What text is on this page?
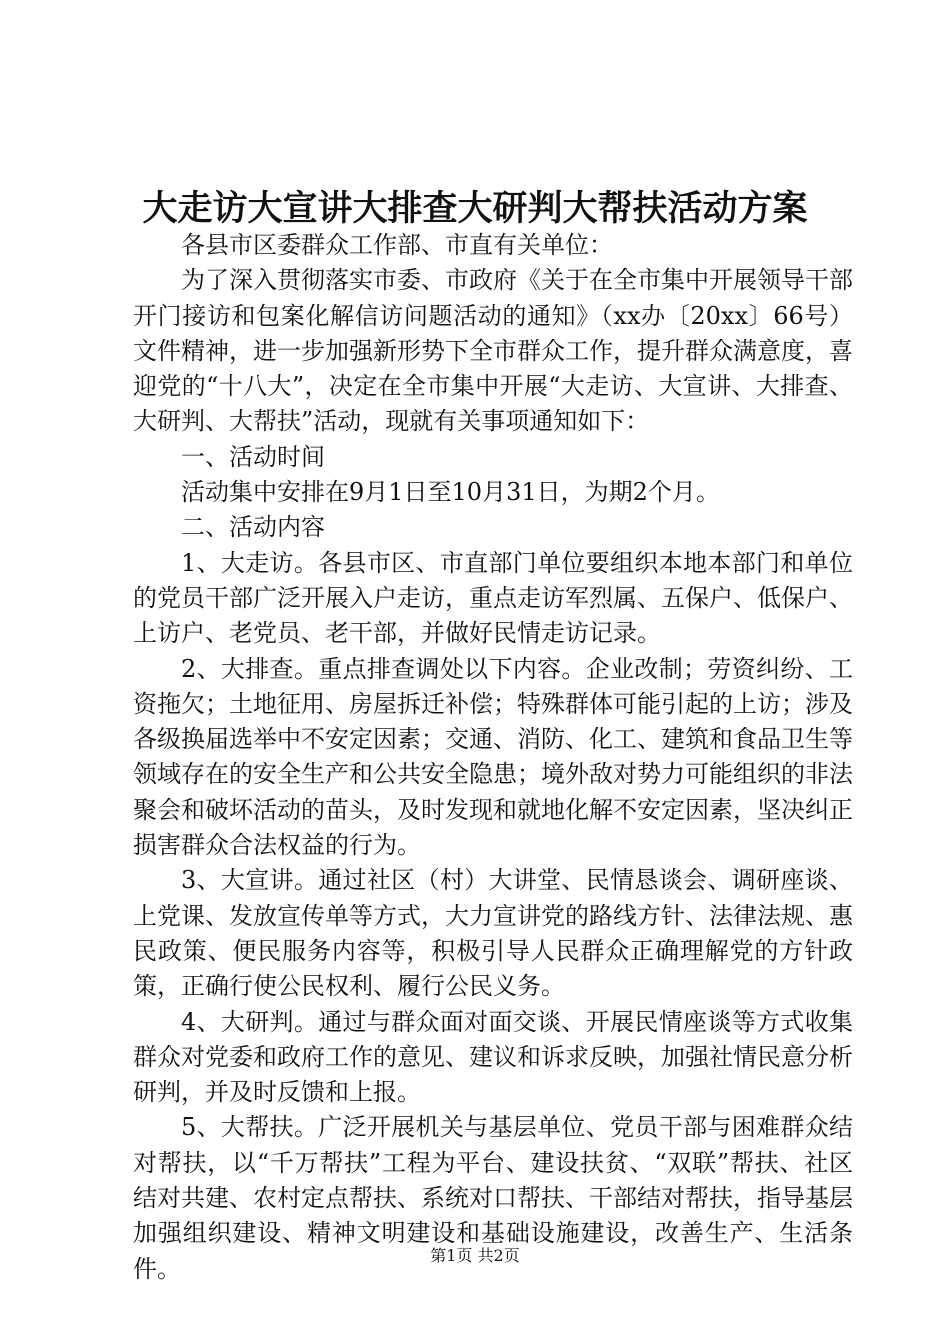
大走访大宣讲大排查大研判大帮扶活动方案

各县市区委群众工作部、市直有关单位：

为了深入贯彻落实市委、市政府《关于在全市集中开展领导干部开门接访和包案化解信访问题活动的通知》（xx办〔20xx〕66号）文件精神，进一步加强新形势下全市群众工作，提升群众满意度，喜迎党的“十八大”，决定在全市集中开展“大走访、大宣讲、大排查、大研判、大帮扶”活动，现就有关事项通知如下：

一、活动时间

活动集中安排在9月1日至10月31日，为期2个月。

二、活动内容

1、大走访。各县市区、市直部门单位要组织本地本部门和单位的党员干部广泛开展入户走访，重点走访军烈属、五保户、低保户、上访户、老党员、老干部，并做好民情走访记录。

2、大排查。重点排查调处以下内容。企业改制；劳资纠纷、工资拖欠；土地征用、房屋拆迁补偿；特殊群体可能引起的上访；涉及各级换届选举中不安定因素；交通、消防、化工、建筑和食品卫生等领域存在的安全生产和公共安全隐患；境外敌对势力可能组织的非法聚会和破坏活动的苗头，及时发现和就地化解不安定因素，坚决纠正损害群众合法权益的行为。

3、大宣讲。通过社区（村）大讲堂、民情恳谈会、调研座谈、上党课、发放宣传单等方式，大力宣讲党的路线方针、法律法规、惠民政策、便民服务内容等，积极引导人民群众正确理解党的方针政策，正确行使公民权利、履行公民义务。

4、大研判。通过与群众面对面交谈、开展民情座谈等方式收集群众对党委和政府工作的意见、建议和诉求反映，加强社情民意分析研判，并及时反馈和上报。

5、大帮扶。广泛开展机关与基层单位、党员干部与困难群众结对帮扶，以“千万帮扶”工程为平台、建设扶贫、“双联”帮扶、社区结对共建、农村定点帮扶、系统对口帮扶、干部结对帮扶，指导基层加强组织建设、精神文明建设和基础设施建设，改善生产、生活条件。	第1页 共2页
